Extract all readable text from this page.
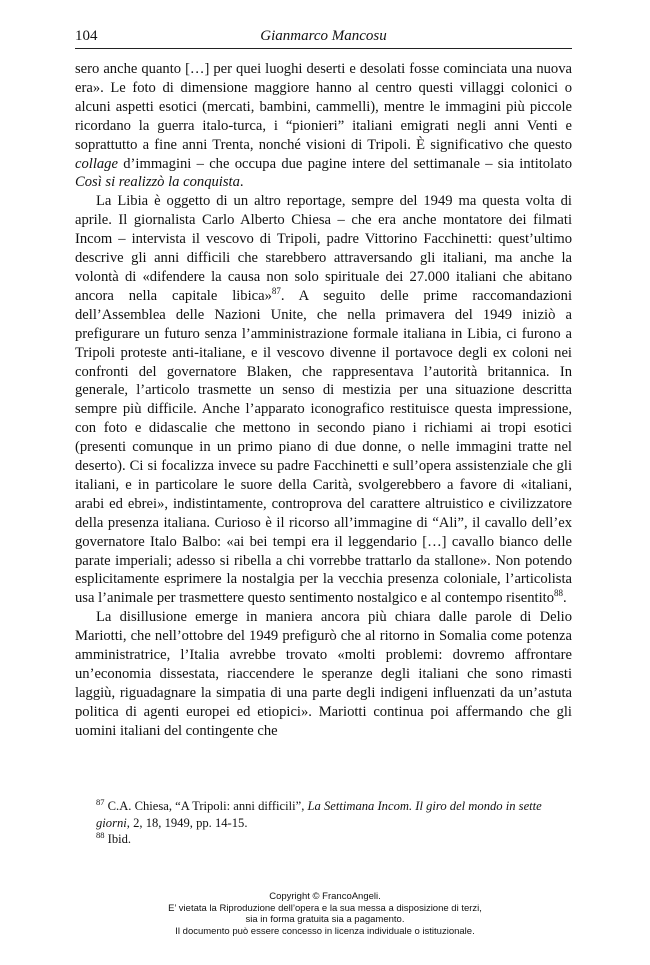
104	Gianmarco Mancosu

sero anche quanto […] per quei luoghi deserti e desolati fosse cominciata una nuova era». Le foto di dimensione maggiore hanno al centro questi villaggi colonici o alcuni aspetti esotici (mercati, bambini, cammelli), mentre le immagini più piccole ricordano la guerra italo-turca, i “pionieri” italiani emigrati negli anni Venti e soprattutto a fine anni Trenta, nonché visioni di Tripoli. È significativo che questo collage d’immagini – che occupa due pagine intere del settimanale – sia intitolato Così si realizzò la conquista.

La Libia è oggetto di un altro reportage, sempre del 1949 ma questa volta di aprile. Il giornalista Carlo Alberto Chiesa – che era anche montatore dei filmati Incom – intervista il vescovo di Tripoli, padre Vittorino Facchinetti: quest’ultimo descrive gli anni difficili che starebbero attraversando gli italiani, ma anche la volontà di «difendere la causa non solo spirituale dei 27.000 italiani che abitano ancora nella capitale libica»$^{87}$. A seguito delle prime raccomandazioni dell’Assemblea delle Nazioni Unite, che nella primavera del 1949 iniziò a prefigurare un futuro senza l’amministrazione formale italiana in Libia, ci furono a Tripoli proteste anti-italiane, e il vescovo divenne il portavoce degli ex coloni nei confronti del governatore Blaken, che rappresentava l’autorità britannica. In generale, l’articolo trasmette un senso di mestizia per una situazione descritta sempre più difficile. Anche l’apparato iconografico restituisce questa impressione, con foto e didascalie che mettono in secondo piano i richiami ai tropi esotici (presenti comunque in un primo piano di due donne, o nelle immagini tratte nel deserto). Ci si focalizza invece su padre Facchinetti e sull’opera assistenziale che gli italiani, e in particolare le suore della Carità, svolgerebbero a favore di «italiani, arabi ed ebrei», indistintamente, controprova del carattere altruistico e civilizzatore della presenza italiana. Curioso è il ricorso all’immagine di “Ali”, il cavallo dell’ex governatore Italo Balbo: «ai bei tempi era il leggendario […] cavallo bianco delle parate imperiali; adesso si ribella a chi vorrebbe trattarlo da stallone». Non potendo esplicitamente esprimere la nostalgia per la vecchia presenza coloniale, l’articolista usa l’animale per trasmettere questo sentimento nostalgico e al contempo risentito$^{88}$.

La disillusione emerge in maniera ancora più chiara dalle parole di Delio Mariotti, che nell’ottobre del 1949 prefigurò che al ritorno in Somalia come potenza amministratrice, l’Italia avrebbe trovato «molti problemi: dovremo affrontare un’economia dissestata, riaccendere le speranze degli italiani che sono rimasti laggiù, riguadagnare la simpatia di una parte degli indigeni influenzati da un’astuta politica di agenti europei ed etiopici». Mariotti continua poi affermando che gli uomini italiani del contingente che

$^{87}$ C.A. Chiesa, “A Tripoli: anni difficili”, La Settimana Incom. Il giro del mondo in sette giorni, 2, 18, 1949, pp. 14-15.

$^{88}$ Ibid.

Copyright © FrancoAngeli.
E’ vietata la Riproduzione dell’opera e la sua messa a disposizione di terzi,
sia in forma gratuita sia a pagamento.
Il documento può essere concesso in licenza individuale o istituzionale.
